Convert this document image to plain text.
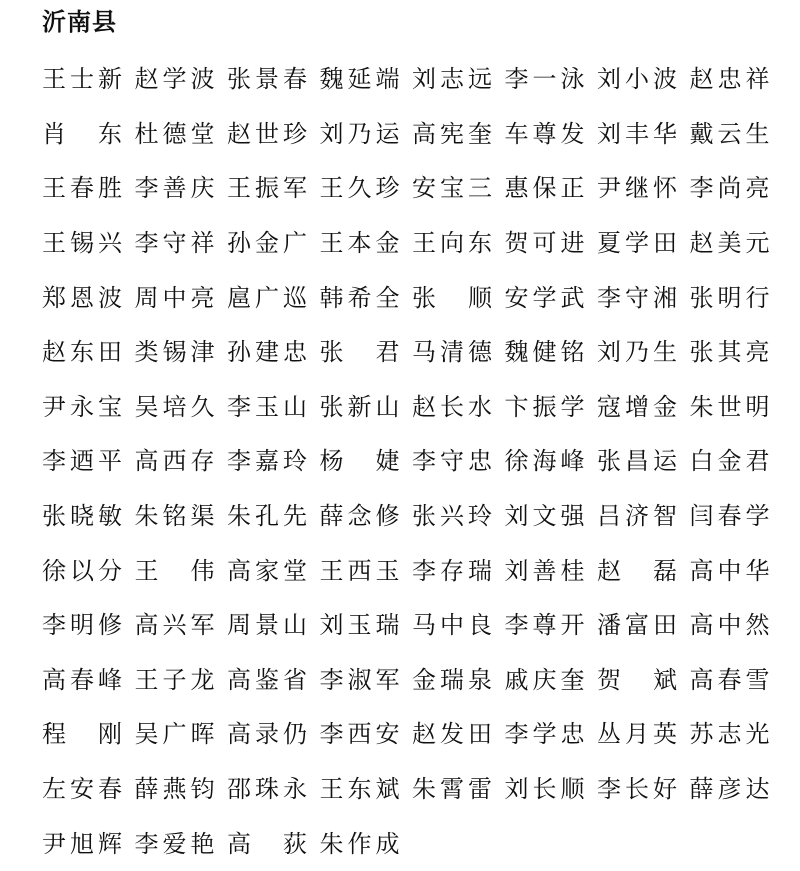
沂南县
王士新 赵学波 张景春 魏延端 刘志远 李一泳 刘小波 赵忠祥
肖 东 杜德堂 赵世珍 刘乃运 高宪奎 车尊发 刘丰华 戴云生
王春胜 李善庆 王振军 王久珍 安宝三 惠保正 尹继怀 李尚亮
王锡兴 李守祥 孙金广 王本金 王向东 贺可进 夏学田 赵美元
郑恩波 周中亮 扈广巡 韩希全 张 顺 安学武 李守湘 张明行
赵东田 类锡津 孙建忠 张 君 马清德 魏健铭 刘乃生 张其亮
尹永宝 吴培久 李玉山 张新山 赵长水 卞振学 寇增金 朱世明
李迺平 高西存 李嘉玲 杨 婕 李守忠 徐海峰 张昌运 白金君
张晓敏 朱铭渠 朱孔先 薛念修 张兴玲 刘文强 吕济智 闫春学
徐以分 王 伟 高家堂 王西玉 李存瑞 刘善桂 赵 磊 高中华
李明修 高兴军 周景山 刘玉瑞 马中良 李尊开 潘富田 高中然
高春峰 王子龙 高鉴省 李淑军 金瑞泉 戚庆奎 贺 斌 高春雪
程 刚 吴广晖 高录仍 李西安 赵发田 李学忠 丛月英 苏志光
左安春 薛燕钧 邵珠永 王东斌 朱霄雷 刘长顺 李长好 薛彦达
尹旭辉 李爱艳 高 荻 朱作成
